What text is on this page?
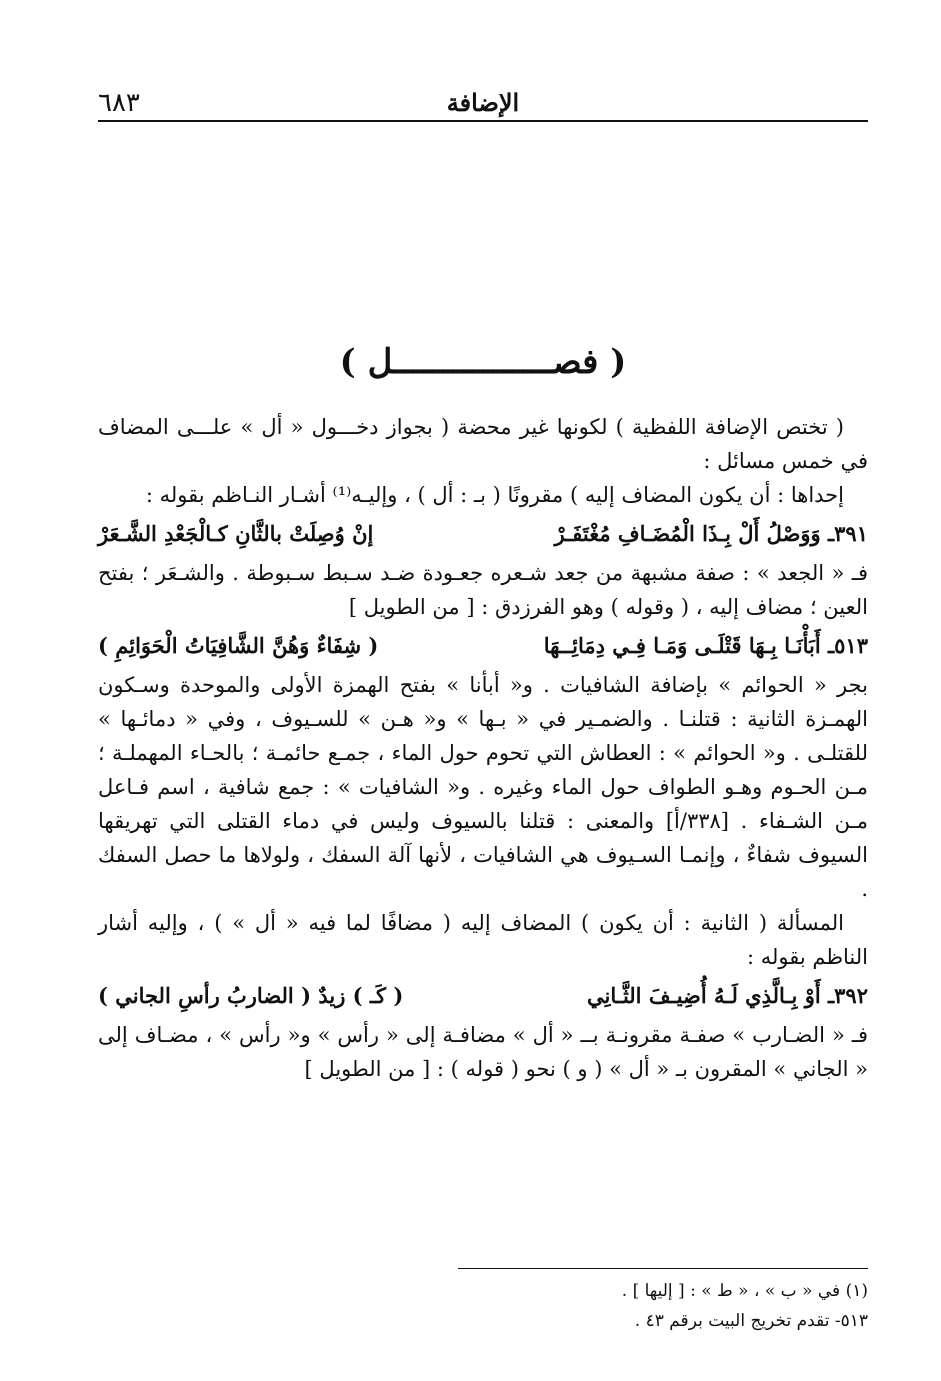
٦٨٣	الإضافة
( فصــــــــــــــــل )

( تختص الإضافة اللفظية ) لكونها غير محضة ( بجواز دخـــول « أل » علـــى المضاف في خمس مسائل :

إحداها : أن يكون المضاف إليه ) مقرونًا ( بـ : أل ) ، وإليـه⁽¹⁾ أشـار النـاظم بقوله :

٣٩١ـ وَوَصْلُ أَلْ بِـذَا الْمُضَـافِ مُغْتَفَـرْ
إنْ وُصِلَتْ بالثَّانِ كـالْجَعْدِ الشَّـعَرْ

فـ « الجعد » : صفة مشبهة من جعد شـعره جعـودة ضـد سـبط سـبوطة . والشـعَر ؛ بفتح العين ؛ مضاف إليه ، ( وقوله ) وهو الفرزدق : [ من الطويل ]

٥١٣ـ أَبَأْنَـا بِـهَا قَتْلَـى وَمَـا فِـي دِمَائِــهَا
( شِفَاءٌ وَهُنَّ الشَّافِيَاتُ الْحَوَائِمِ )

بجر « الحوائم » بإضافة الشافيات . و« أبأنا » بفتح الهمزة الأولى والموحدة وسـكون الهمـزة الثانية : قتلنـا . والضمـير في « بـها » و« هـن » للسـيوف ، وفي « دمائـها » للقتلـى . و« الحوائم » : العطاش التي تحوم حول الماء ، جمـع حائمـة ؛ بالحـاء المهملـة ؛ مـن الحـوم وهـو الطواف حول الماء وغيره . و« الشافيات » : جمع شافية ، اسم فـاعل مـن الشـفاء . [٣٣٨/أ] والمعنى : قتلنا بالسيوف وليس في دماء القتلى التي تهريقها السيوف شفاءٌ ، وإنمـا السـيوف هي الشافيات ، لأنها آلة السفك ، ولولاها ما حصل السفك .

المسألة ( الثانية : أن يكون ) المضاف إليه ( مضافًا لما فيه « أل » ) ، وإليه أشار الناظم بقوله :

٣٩٢ـ أَوْ بِـالَّذِي لَـهُ أُضِيـفَ الثَّـانِي
( كَـ ) زيدٌ ( الضاربُ رأسِ الجاني )

فـ « الضـارب » صفـة مقرونـة بــ « أل » مضافـة إلى « رأس » و« رأس » ، مضـاف إلى « الجاني » المقرون بـ « أل » ( و ) نحو ( قوله ) : [ من الطويل ]

(١) في « ب » ، « ط » : [ إليها ] .

٥١٣- تقدم تخريج البيت برقم ٤٣ .
